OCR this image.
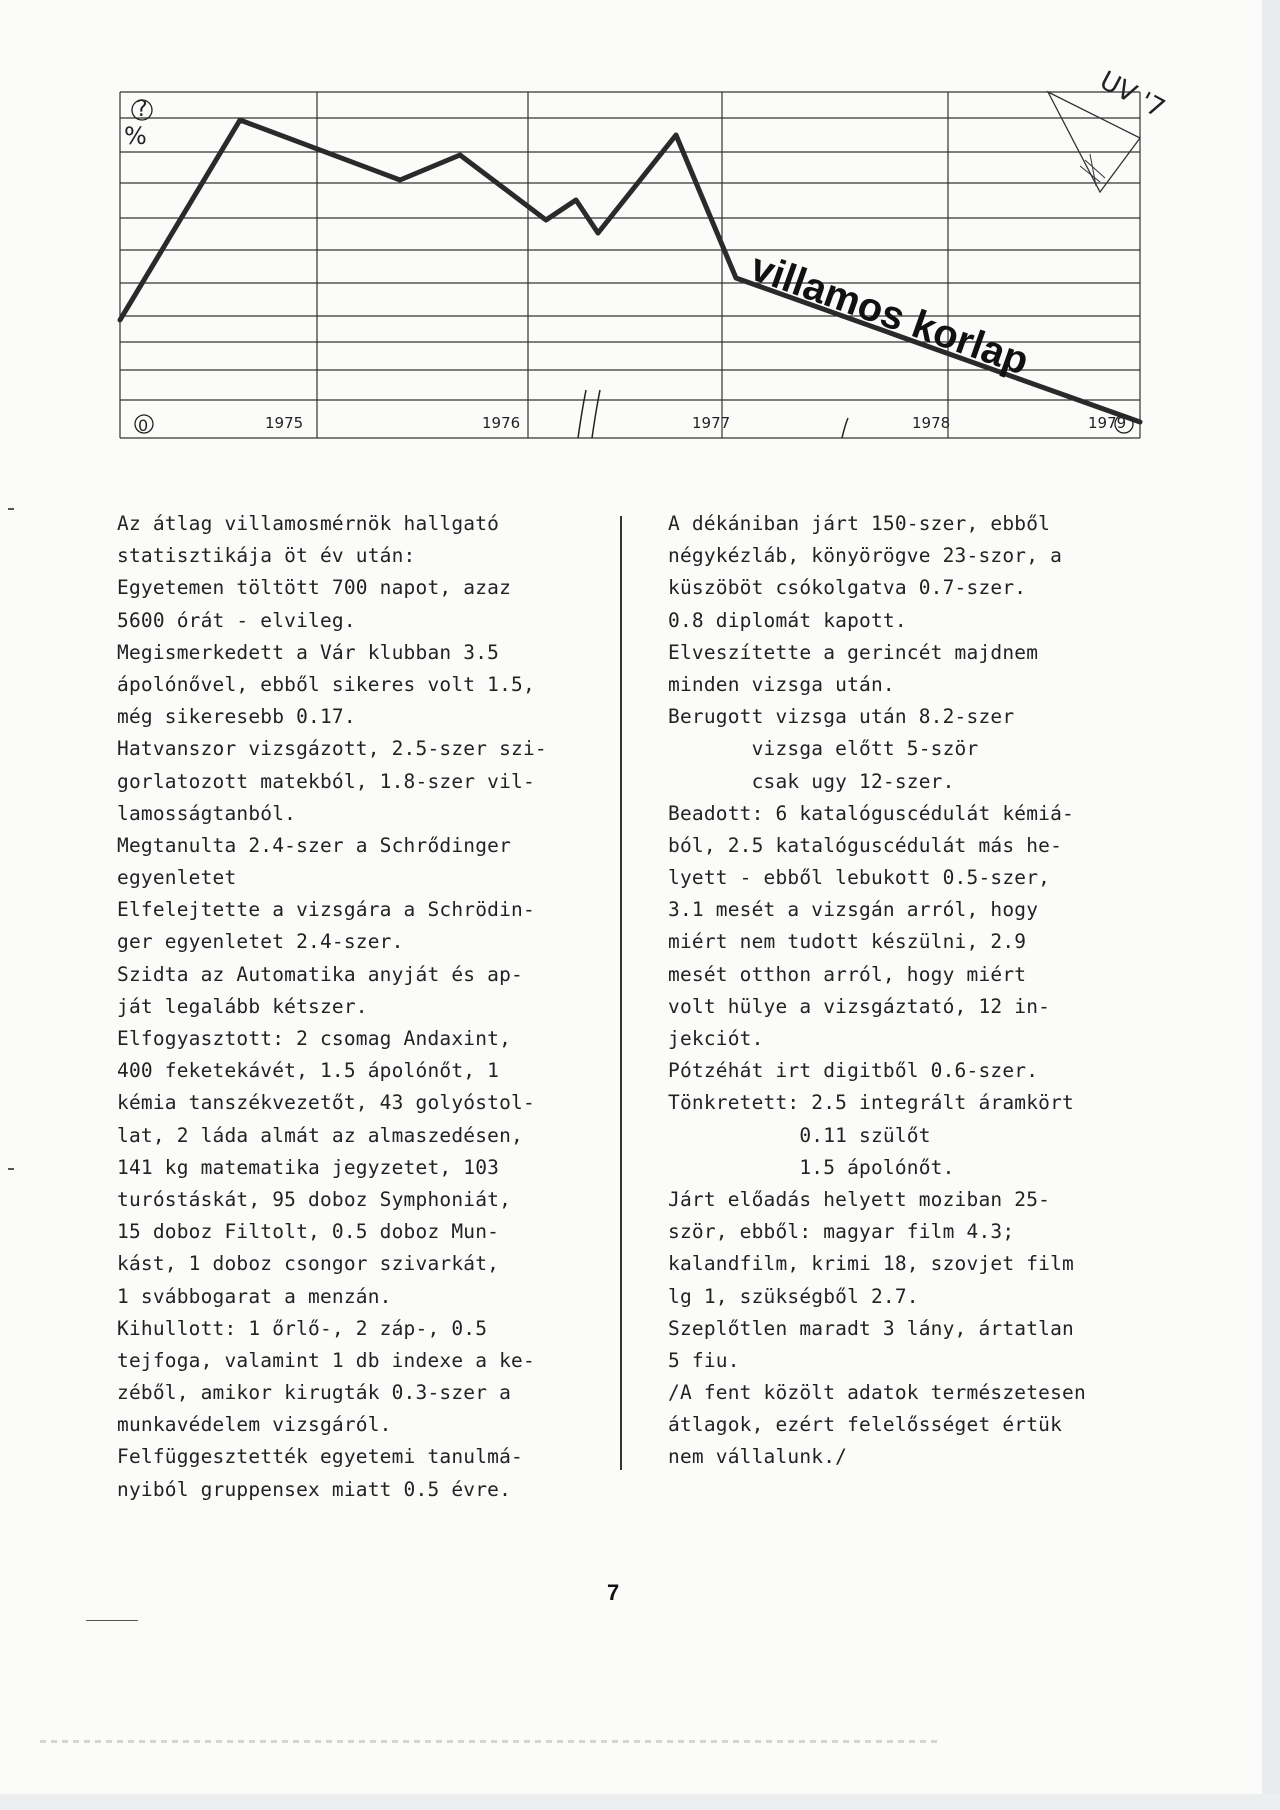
?
%
0	1975	1976	1977	1978	1979
villamos korlap
UV '7
Az átlag villamosmérnök hallgató
statisztikája öt év után:
Egyetemen töltött 700 napot, azaz
5600 órát - elvileg.
Megismerkedett a Vár klubban 3.5
ápolónővel, ebből sikeres volt 1.5,
még sikeresebb 0.17.
Hatvanszor vizsgázott, 2.5-szer szi-
gorlatozott matekból, 1.8-szer vil-
lamosságtanból.
Megtanulta 2.4-szer a Schrődinger
egyenletet
Elfelejtette a vizsgára a Schrödin-
ger egyenletet 2.4-szer.
Szidta az Automatika anyját és ap-
ját legalább kétszer.
Elfogyasztott: 2 csomag Andaxint,
400 feketekávét, 1.5 ápolónőt, 1
kémia tanszékvezetőt, 43 golyóstol-
lat, 2 láda almát az almaszedésen,
141 kg matematika jegyzetet, 103
turóstáskát, 95 doboz Symphoniát,
15 doboz Filtolt, 0.5 doboz Mun-
kást, 1 doboz csongor szivarkát,
1 svábbogarat a menzán.
Kihullott: 1 őrlő-, 2 záp-, 0.5
tejfoga, valamint 1 db indexe a ke-
zéből, amikor kirugták 0.3-szer a
munkavédelem vizsgáról.
Felfüggesztették egyetemi tanulmá-
nyiból gruppensex miatt 0.5 évre.
A dékániban járt 150-szer, ebből
négykézláb, könyörögve 23-szor, a
küszöböt csókolgatva 0.7-szer.
0.8 diplomát kapott.
Elveszítette a gerincét majdnem
minden vizsga után.
Berugott vizsga után 8.2-szer
vizsga előtt 5-ször
csak ugy 12-szer.
Beadott: 6 katalóguscédulát kémiá-
ból, 2.5 katalóguscédulát más he-
lyett - ebből lebukott 0.5-szer,
3.1 mesét a vizsgán arról, hogy
miért nem tudott készülni, 2.9
mesét otthon arról, hogy miért
volt hülye a vizsgáztató, 12 in-
jekciót.
Pótzéhát irt digitből 0.6-szer.
Tönkretett: 2.5 integrált áramkört
0.11 szülőt
1.5 ápolónőt.
Járt előadás helyett moziban 25-
ször, ebből: magyar film 4.3;
kalandfilm, krimi 18, szovjet film
lg 1, szükségből 2.7.
Szeplőtlen maradt 3 lány, ártatlan
5 fiu.
/A fent közölt adatok természetesen
átlagok, ezért felelősséget értük
nem vállalunk./
7
